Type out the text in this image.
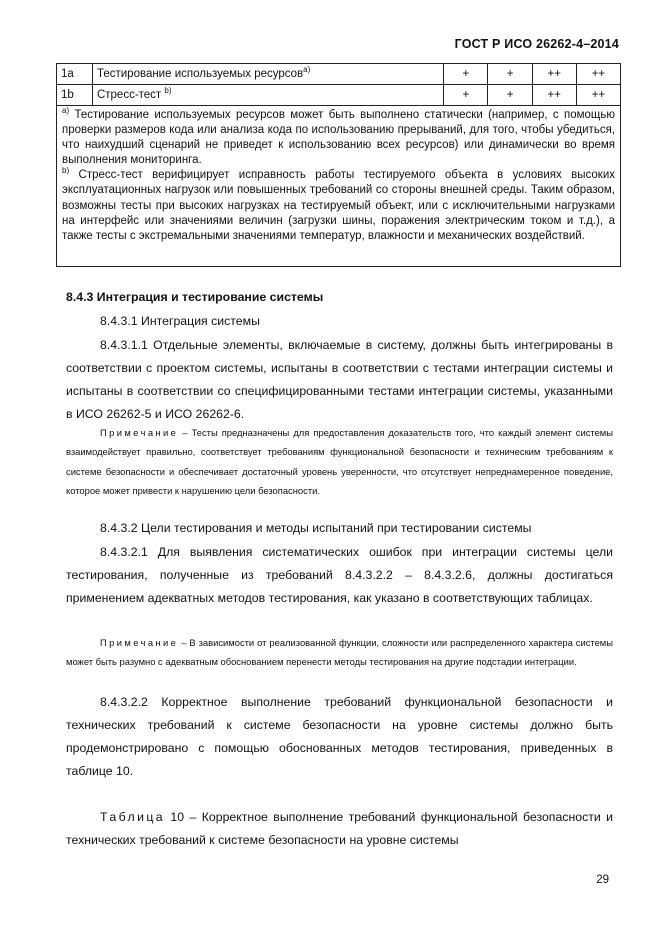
ГОСТ Р ИСО 26262-4–2014
1a	Тестирование используемых ресурсов$^{a)}$	+	+	++	++
1b	Стресс-тест $^{b)}$	+	+	++	++

$^{a)}$ Тестирование используемых ресурсов может быть выполнено статически (например, с помощью проверки размеров кода или анализа кода по использованию прерываний, для того, чтобы убедиться, что наихудший сценарий не приведет к использованию всех ресурсов) или динамически во время выполнения мониторинга.

$^{b)}$ Стресс-тест верифицирует исправность работы тестируемого объекта в условиях высоких эксплуатационных нагрузок или повышенных требований со стороны внешней среды. Таким образом, возможны тесты при высоких нагрузках на тестируемый объект, или с исключительными нагрузками на интерфейс или значениями величин (загрузки шины, поражения электрическим током и т.д.), а также тесты с экстремальными значениями температур, влажности и механических воздействий.

8.4.3 Интеграция и тестирование системы

8.4.3.1 Интеграция системы

8.4.3.1.1 Отдельные элементы, включаемые в систему, должны быть интегрированы в соответствии с проектом системы, испытаны в соответствии с тестами интеграции системы и испытаны в соответствии со специфицированными тестами интеграции системы, указанными в ИСО 26262-5 и ИСО 26262-6.

Примечание – Тесты предназначены для предоставления доказательств того, что каждый элемент системы взаимодействует правильно, соответствует требованиям функциональной безопасности и техническим требованиям к системе безопасности и обеспечивает достаточный уровень уверенности, что отсутствует непреднамеренное поведение, которое может привести к нарушению цели безопасности.

8.4.3.2 Цели тестирования и методы испытаний при тестировании системы

8.4.3.2.1 Для выявления систематических ошибок при интеграции системы цели тестирования, полученные из требований 8.4.3.2.2 – 8.4.3.2.6, должны достигаться применением адекватных методов тестирования, как указано в соответствующих таблицах.

Примечание – В зависимости от реализованной функции, сложности или распределенного характера системы может быть разумно с адекватным обоснованием перенести методы тестирования на другие подстадии интеграции.

8.4.3.2.2 Корректное выполнение требований функциональной безопасности и технических требований к системе безопасности на уровне системы должно быть продемонстрировано с помощью обоснованных методов тестирования, приведенных в таблице 10.

Таблица 10 – Корректное выполнение требований функциональной безопасности и технических требований к системе безопасности на уровне системы

29
